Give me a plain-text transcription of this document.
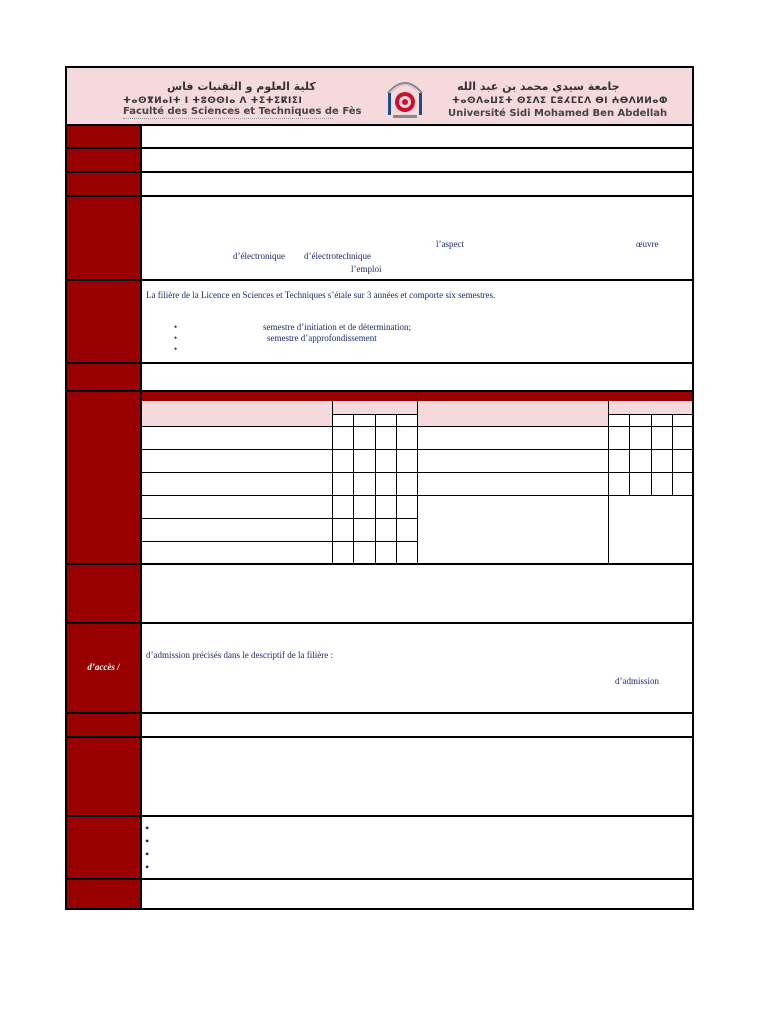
كلية العلوم و التقنيات فاس
ⵜⴰⵙⴳⵍⴰⵏⵜ ⵏ ⵜⵓⵙⵙⵏⴰ ⴷ ⵜⵉⵜⵉⴽⵏⵉⵏ
Faculté des Sciences et Techniques de Fès
جامعة سيدي محمد بن عبد الله
ⵜⴰⵙⴷⴰⵡⵉⵜ ⵙⵉⴷⵉ ⵎⵓⵃⵎⵎⴷ ⴱⵏ ⵄⴱⴷⵍⵍⴰⵀ
Université Sidi Mohamed Ben Abdellah
l’aspect	œuvre
d’électronique d’électrotechnique
l’emploi
La filière de la Licence en Sciences et Techniques s’étale sur 3 années et comporte six semestres.
•	semestre d’initiation et de détermination;
•	semestre d’approfondissement
•
d’accès /
d’admission précisés dans le descriptif de la filière :
d’admission
•
•
•
•
